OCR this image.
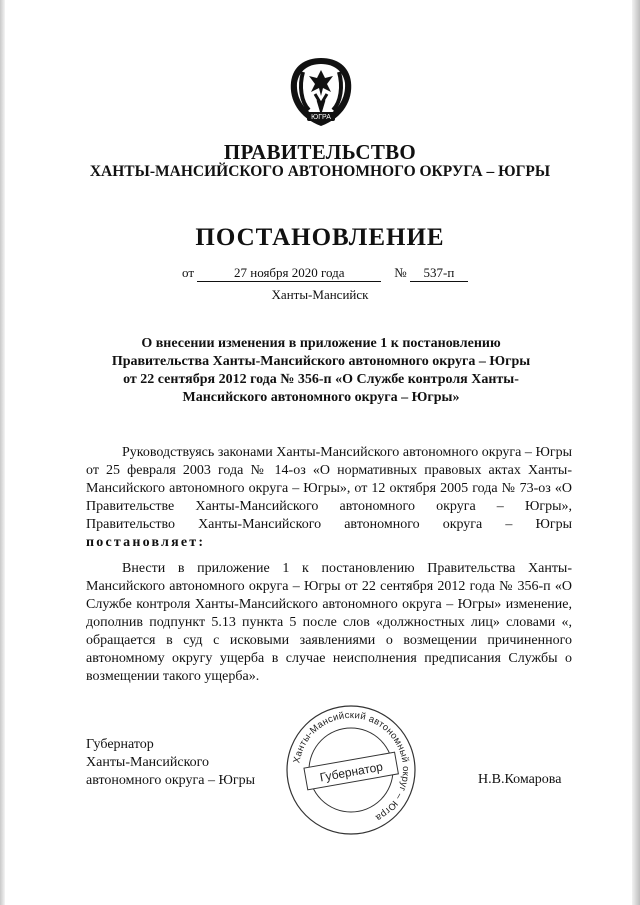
ЮГРА
ПРАВИТЕЛЬСТВО
ХАНТЫ-МАНСИЙСКОГО АВТОНОМНОГО ОКРУГА – ЮГРЫ
ПОСТАНОВЛЕНИЕ
от	27 ноября 2020 года	№ 537-п
Ханты-Мансийск
О внесении изменения в приложение 1 к постановлению
Правительства Ханты-Мансийского автономного округа – Югры
от 22 сентября 2012 года № 356-п «О Службе контроля Ханты-
Мансийского автономного округа – Югры»
Руководствуясь законами Ханты-Мансийского автономного округа – Югры от 25 февраля 2003 года № 14-оз «О нормативных правовых актах Ханты-Мансийского автономного округа – Югры», от 12 октября 2005 года № 73-оз «О Правительстве Ханты-Мансийского автономного округа – Югры», Правительство Ханты-Мансийского автономного округа – Югры постановляет:
Внести в приложение 1 к постановлению Правительства Ханты-Мансийского автономного округа – Югры от 22 сентября 2012 года № 356-п «О Службе контроля Ханты-Мансийского автономного округа – Югры» изменение, дополнив подпункт 5.13 пункта 5 после слов «должностных лиц» словами «, обращается в суд с исковыми заявлениями о возмещении причиненного автономному округу ущерба в случае неисполнения предписания Службы о возмещении такого ущерба».
Губернатор
Ханты-Мансийского
автономного округа – Югры
Ханты-Мансийский автономный округ – Югра
Губернатор	Н.В.Комарова
